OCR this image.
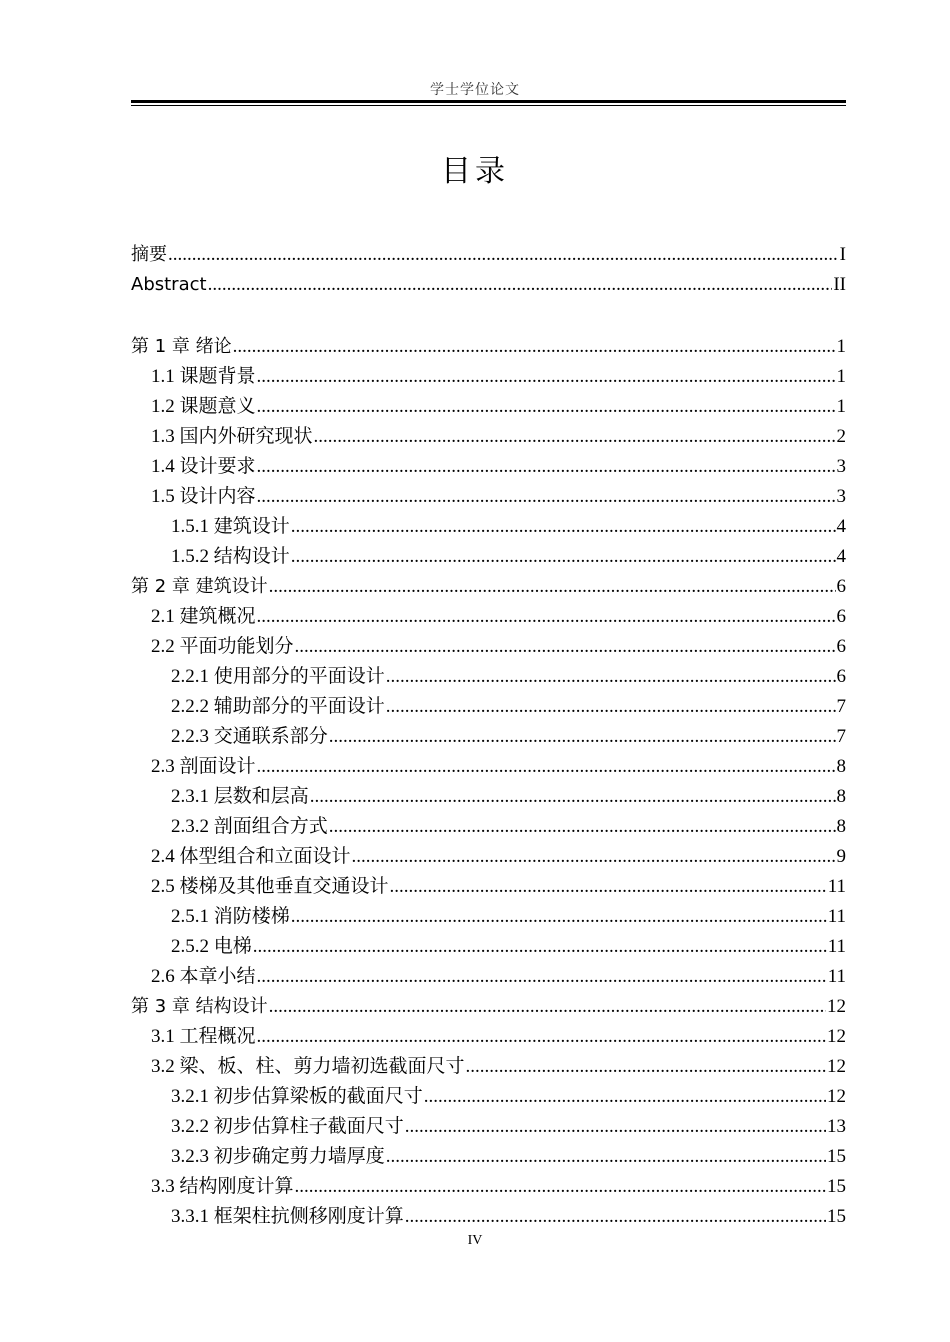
学士学位论文
目录
摘要 .....	I
Abstract .....	II
第 1 章 绪论 .....	1
1.1 课题背景 .....	1
1.2 课题意义 .....	1
1.3 国内外研究现状 .....	2
1.4 设计要求 .....	3
1.5 设计内容 .....	3
1.5.1 建筑设计 .....	4
1.5.2 结构设计 .....	4
第 2 章 建筑设计 .....	6
2.1 建筑概况 .....	6
2.2 平面功能划分 .....	6
2.2.1 使用部分的平面设计 .....	6
2.2.2 辅助部分的平面设计 .....	7
2.2.3 交通联系部分 .....	7
2.3 剖面设计 .....	8
2.3.1 层数和层高 .....	8
2.3.2 剖面组合方式 .....	8
2.4 体型组合和立面设计 .....	9
2.5 楼梯及其他垂直交通设计 .....	11
2.5.1 消防楼梯 .....	11
2.5.2 电梯 .....	11
2.6 本章小结 .....	11
第 3 章 结构设计 .....	12
3.1 工程概况 .....	12
3.2 梁、板、柱、剪力墙初选截面尺寸 .....	12
3.2.1 初步估算梁板的截面尺寸 .....	12
3.2.2 初步估算柱子截面尺寸 .....	13
3.2.3 初步确定剪力墙厚度 .....	15
3.3 结构刚度计算 .....	15
3.3.1 框架柱抗侧移刚度计算 .....	15
IV
